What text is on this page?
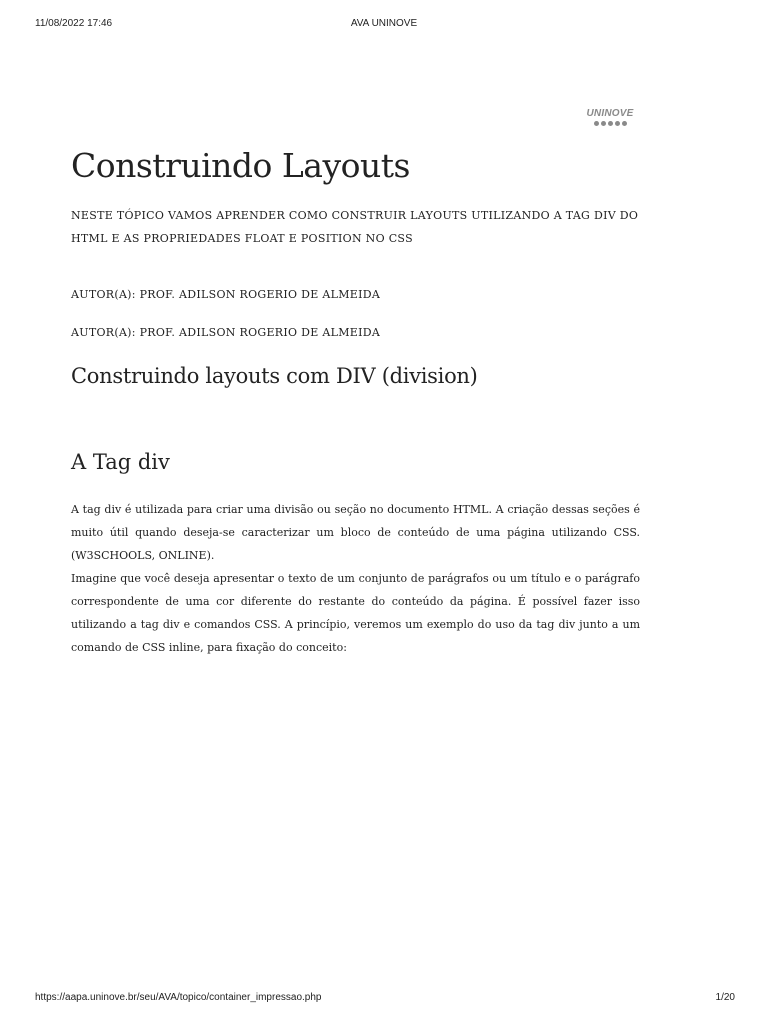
11/08/2022 17:46	AVA UNINOVE
UNINOVE
Construindo Layouts
NESTE TÓPICO VAMOS APRENDER COMO CONSTRUIR LAYOUTS UTILIZANDO A TAG DIV DO HTML E AS PROPRIEDADES FLOAT E POSITION NO CSS
AUTOR(A): PROF. ADILSON ROGERIO DE ALMEIDA
AUTOR(A): PROF. ADILSON ROGERIO DE ALMEIDA
Construindo layouts com DIV (division)
A Tag div

A tag div é utilizada para criar uma divisão ou seção no documento HTML. A criação dessas seções é muito útil quando deseja-se caracterizar um bloco de conteúdo de uma página utilizando CSS.(W3SCHOOLS, ONLINE).

Imagine que você deseja apresentar o texto de um conjunto de parágrafos ou um título e o parágrafo correspondente de uma cor diferente do restante do conteúdo da página. É possível fazer isso utilizando a tag div e comandos CSS. A princípio, veremos um exemplo do uso da tag div junto a um comando de CSS inline, para fixação do conceito:

https://aapa.uninove.br/seu/AVA/topico/container_impressao.php	1/20
